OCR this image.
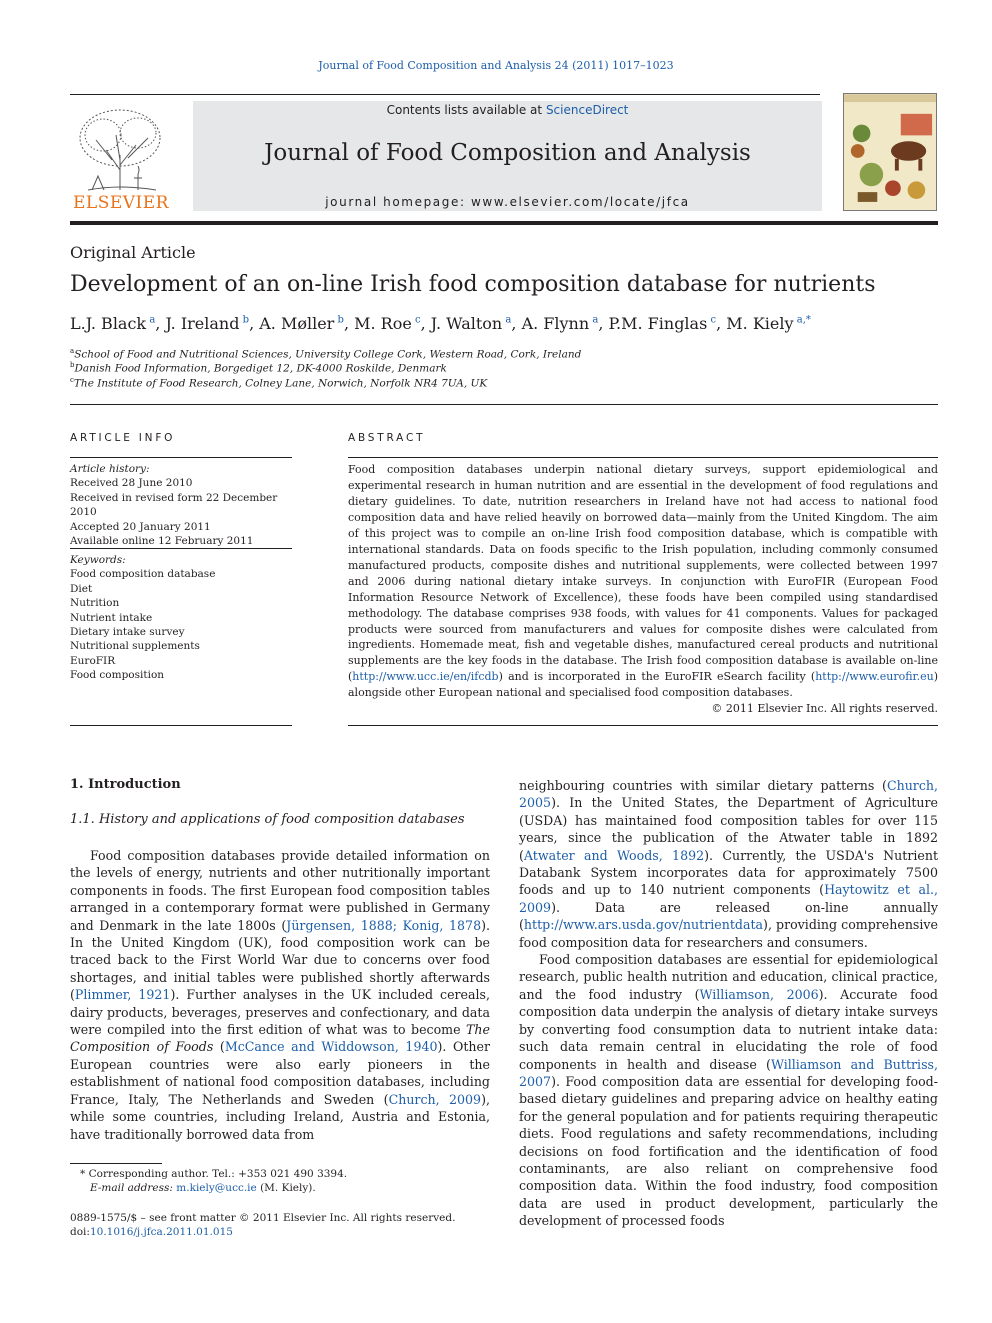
Journal of Food Composition and Analysis 24 (2011) 1017–1023
ELSEVIER
Contents lists available at ScienceDirect
Journal of Food Composition and Analysis
journal homepage: www.elsevier.com/locate/jfca
Original Article
Development of an on-line Irish food composition database for nutrients
L.J. Black  $^a$, J. Ireland  $^b$, A. Møller  $^b$, M. Roe  $^c$, J. Walton  $^a$, A. Flynn  $^a$, P.M. Finglas  $^c$, M. Kiely  $^{a,*}$
$^a$School of Food and Nutritional Sciences, University College Cork, Western Road, Cork, Ireland
$^b$Danish Food Information, Borgediget 12, DK-4000 Roskilde, Denmark
$^c$The Institute of Food Research, Colney Lane, Norwich, Norfolk NR4 7UA, UK
ARTICLE INFO
Article history:
Received 28 June 2010
Received in revised form 22 December 2010
Accepted 20 January 2011
Available online 12 February 2011
Keywords:
Food composition database
Diet
Nutrition
Nutrient intake
Dietary intake survey
Nutritional supplements
EuroFIR
Food composition
ABSTRACT
Food composition databases underpin national dietary surveys, support epidemiological and experimental research in human nutrition and are essential in the development of food regulations and dietary guidelines. To date, nutrition researchers in Ireland have not had access to national food composition data and have relied heavily on borrowed data—mainly from the United Kingdom. The aim of this project was to compile an on-line Irish food composition database, which is compatible with international standards. Data on foods specific to the Irish population, including commonly consumed manufactured products, composite dishes and nutritional supplements, were collected between 1997 and 2006 during national dietary intake surveys. In conjunction with EuroFIR (European Food Information Resource Network of Excellence), these foods have been compiled using standardised methodology. The database comprises 938 foods, with values for 41 components. Values for packaged products were sourced from manufacturers and values for composite dishes were calculated from ingredients. Homemade meat, fish and vegetable dishes, manufactured cereal products and nutritional supplements are the key foods in the database. The Irish food composition database is available on-line (http://www.ucc.ie/en/ifcdb) and is incorporated in the EuroFIR eSearch facility (http://www.eurofir.eu) alongside other European national and specialised food composition databases.
© 2011 Elsevier Inc. All rights reserved.
1. Introduction
1.1. History and applications of food composition databases

Food composition databases provide detailed information on the levels of energy, nutrients and other nutritionally important components in foods. The first European food composition tables arranged in a contemporary format were published in Germany and Denmark in the late 1800s (Jürgensen, 1888; Konig, 1878). In the United Kingdom (UK), food composition work can be traced back to the First World War due to concerns over food shortages, and initial tables were published shortly afterwards (Plimmer, 1921). Further analyses in the UK included cereals, dairy products, beverages, preserves and confectionary, and data were compiled into the first edition of what was to become The Composition of Foods (McCance and Widdowson, 1940). Other European countries were also early pioneers in the establishment of national food composition databases, including France, Italy, The Netherlands and Sweden (Church, 2009), while some countries, including Ireland, Austria and Estonia, have traditionally borrowed data from

neighbouring countries with similar dietary patterns (Church, 2005). In the United States, the Department of Agriculture (USDA) has maintained food composition tables for over 115 years, since the publication of the Atwater table in 1892 (Atwater and Woods, 1892). Currently, the USDA's Nutrient Databank System incorporates data for approximately 7500 foods and up to 140 nutrient components (Haytowitz et al., 2009). Data are released on-line annually (http://www.ars.usda.gov/nutrientdata), providing comprehensive food composition data for researchers and consumers.

Food composition databases are essential for epidemiological research, public health nutrition and education, clinical practice, and the food industry (Williamson, 2006). Accurate food composition data underpin the analysis of dietary intake surveys by converting food consumption data to nutrient intake data: such data remain central in elucidating the role of food components in health and disease (Williamson and Buttriss, 2007). Food composition data are essential for developing food-based dietary guidelines and preparing advice on healthy eating for the general population and for patients requiring therapeutic diets. Food regulations and safety recommendations, including decisions on food fortification and the identification of food contaminants, are also reliant on comprehensive food composition data. Within the food industry, food composition data are used in product development, particularly the development of processed foods

* Corresponding author. Tel.: +353 021 490 3394.
E-mail address: m.kiely@ucc.ie (M. Kiely).
0889-1575/$ – see front matter © 2011 Elsevier Inc. All rights reserved.
doi:10.1016/j.jfca.2011.01.015
